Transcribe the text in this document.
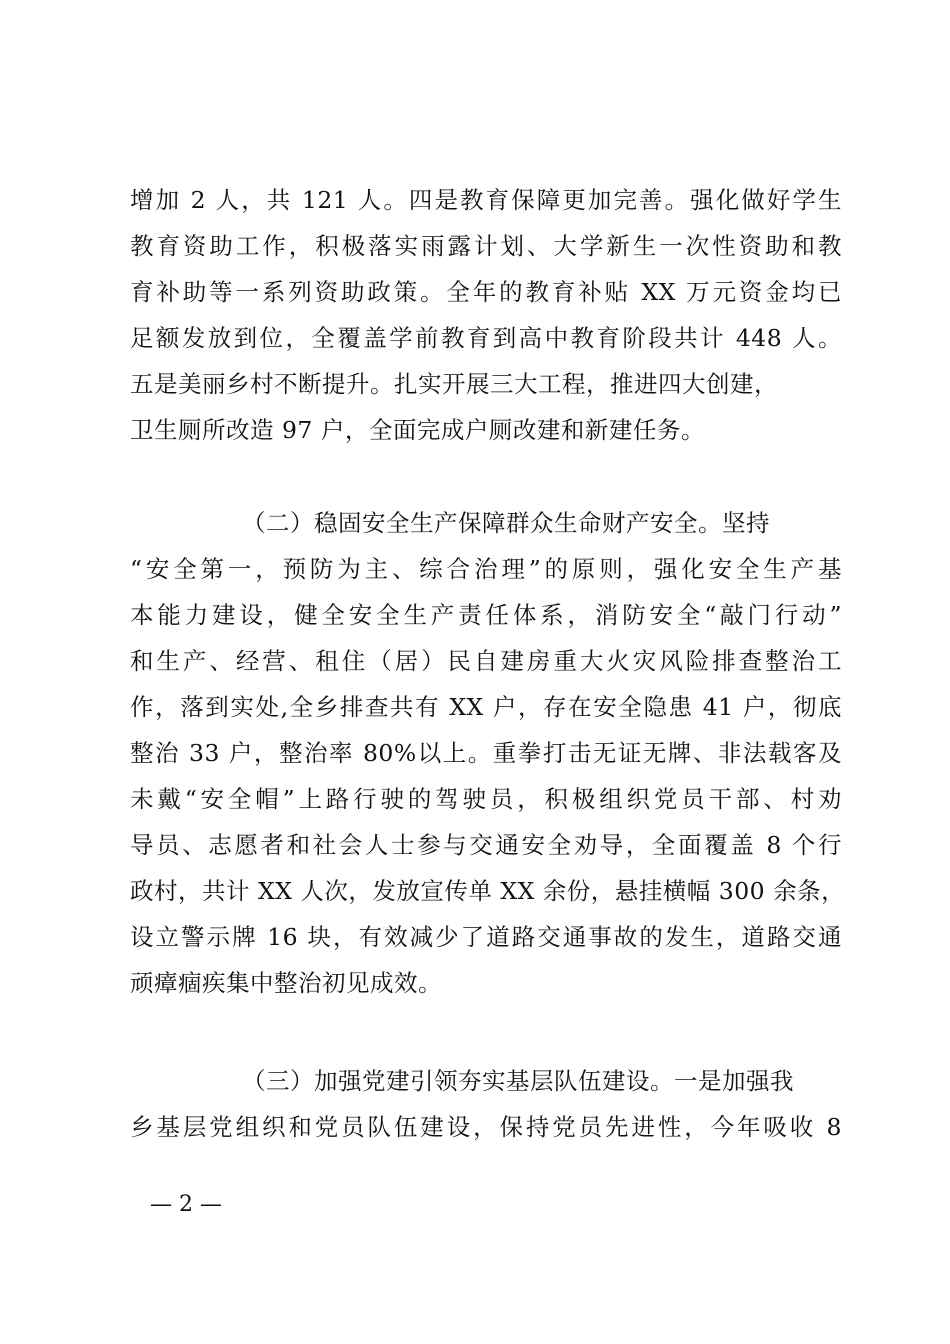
增加 2 人，共 121 人。四是教育保障更加完善。强化做好学生
教育资助工作，积极落实雨露计划、大学新生一次性资助和教
育补助等一系列资助政策。全年的教育补贴 XX 万元资金均已
足额发放到位，全覆盖学前教育到高中教育阶段共计 448 人。
五是美丽乡村不断提升。扎实开展三大工程，推进四大创建，
卫生厕所改造 97 户，全面完成户厕改建和新建任务。
（二）稳固安全生产保障群众生命财产安全。坚持
“安全第一，预防为主、综合治理”的原则，强化安全生产基
本能力建设，健全安全生产责任体系，消防安全“敲门行动”
和生产、经营、租住（居）民自建房重大火灾风险排查整治工
作，落到实处,全乡排查共有 XX 户，存在安全隐患 41 户，彻底
整治 33 户，整治率 80%以上。重拳打击无证无牌、非法载客及
未戴“安全帽”上路行驶的驾驶员，积极组织党员干部、村劝
导员、志愿者和社会人士参与交通安全劝导，全面覆盖 8 个行
政村，共计 XX 人次，发放宣传单 XX 余份，悬挂横幅 300 余条，
设立警示牌 16 块，有效减少了道路交通事故的发生，道路交通
顽瘴痼疾集中整治初见成效。
（三）加强党建引领夯实基层队伍建设。一是加强我
乡基层党组织和党员队伍建设，保持党员先进性，今年吸收 8
— 2 —
